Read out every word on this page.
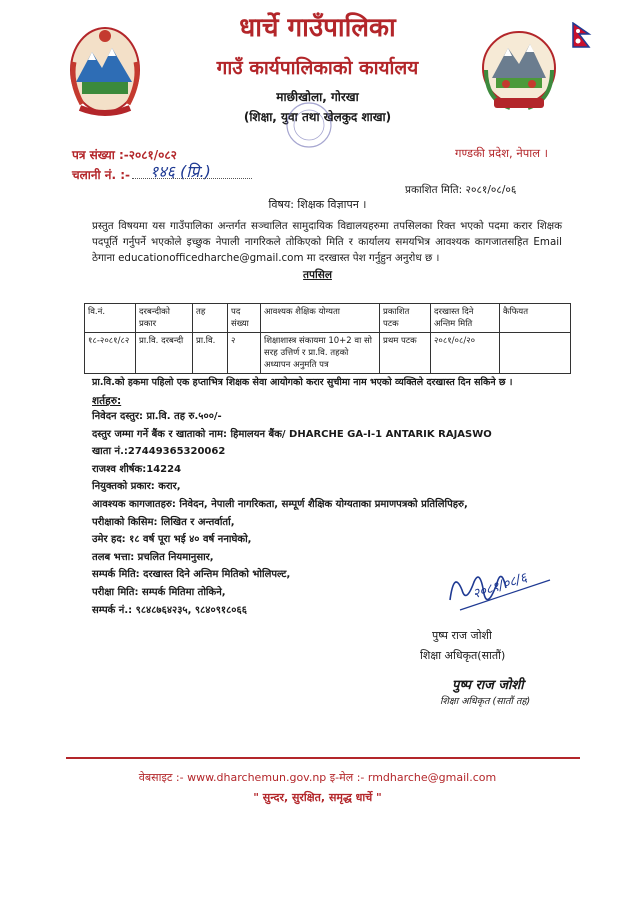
धार्चे गाउँपालिका
गाउँ कार्यपालिकाको कार्यालय
माछीखोला, गोरखा
(शिक्षा, युवा तथा खेलकुद शाखा)
पत्र संख्या :-२०८१/०८२
चलानी नं. :- १४६ (प्रि.)
गण्डकी प्रदेश, नेपाल ।
प्रकाशित मिति: २०८१/०८/०६
विषय: शिक्षक विज्ञापन ।
प्रस्तुत विषयमा यस गाउँपालिका अन्तर्गत सञ्चालित सामुदायिक विद्यालयहरुमा तपसिलका रिक्त भएको पदमा करार शिक्षक पदपूर्ति गर्नुपर्ने भएकोले इच्छुक नेपाली नागरिकले तोकिएको मिति र कार्यालय समयभित्र आवश्यक कागजातसहित Email ठेगाना educationofficedharche@gmail.com मा दरखास्त पेश गर्नुहुन अनुरोध छ ।
तपसिल
वि.नं.	दरबन्दीको प्रकार	तह	पद संख्या	आवश्यक शैक्षिक योग्यता	प्रकाशित पटक	दरखास्त दिने अन्तिम मिति	कैफियत
१८-२०८१/८२	प्रा.वि. दरबन्दी	प्रा.वि.	२	शिक्षाशास्त्र संकायमा 10+2 वा सो सरह उत्तिर्ण र प्रा.वि. तहको अध्यापन अनुमति पत्र	प्रथम पटक	२०८१/०८/२०	
प्रा.वि.को हकमा पहिलो एक हप्ताभित्र शिक्षक सेवा आयोगको करार सुचीमा नाम भएको व्यक्तिले दरखास्त दिन सकिने छ ।
शर्तहरु:
निवेदन दस्तुर: प्रा.वि. तह रु.५००/-
दस्तुर जम्मा गर्ने बैंक र खाताको नाम: हिमालयन बैंक/ DHARCHE GA-I-1 ANTARIK RAJASWO
खाता नं.:27449365320062
राजश्व शीर्षक:14224
नियुक्तको प्रकार: करार,
आवश्यक कागजातहरु: निवेदन, नेपाली नागरिकता, सम्पूर्ण शैक्षिक योग्यताका प्रमाणपत्रको प्रतिलिपिहरु,
परीक्षाको किसिम: लिखित र अन्तर्वार्ता,
उमेर हद: १८ वर्ष पूरा भई ४० वर्ष ननाघेको,
तलब भत्ता: प्रचलित नियमानुसार,
सम्पर्क मिति: दरखास्त दिने अन्तिम मितिको भोलिपल्ट,
परीक्षा मिति: सम्पर्क मितिमा तोकिने,
सम्पर्क नं.: ९८४८७६४२३५, ९८४०९१८०६६
२०८१/०८/६
पुष्प राज जोशी
शिक्षा अधिकृत(सातौं)
पुष्प राज जोशी
शिक्षा अधिकृत (सातौं तह)
वेबसाइट :- www.dharchemun.gov.np इ-मेल :- rmdharche@gmail.com
" सुन्दर, सुरक्षित, समृद्ध धार्चे "
